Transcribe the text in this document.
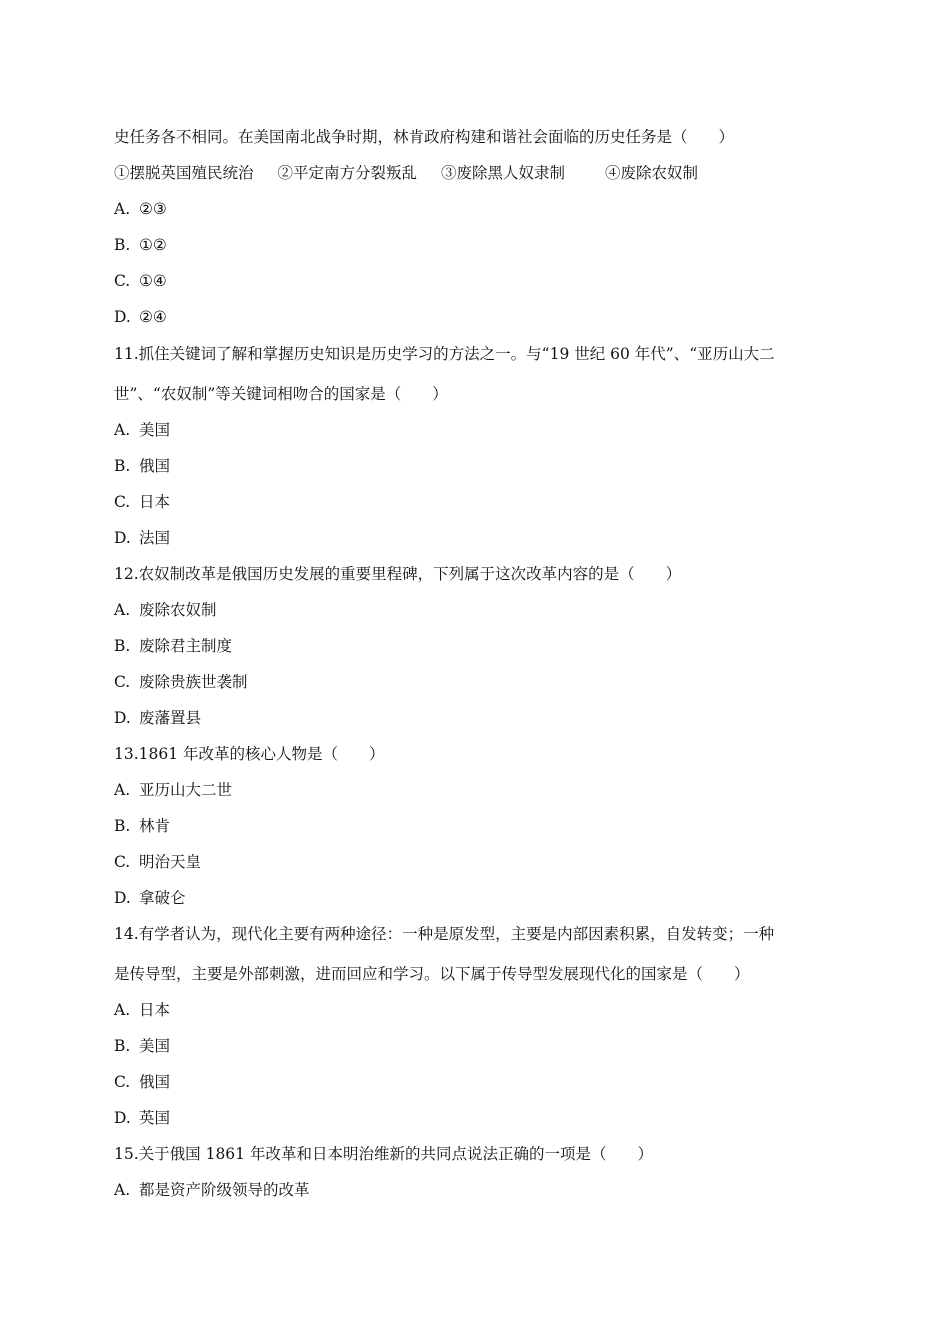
史任务各不相同。在美国南北战争时期，林肯政府构建和谐社会面临的历史任务是（　　）
①摆脱英国殖民统治 ②平定南方分裂叛乱 ③废除黑人奴隶制	④废除农奴制
A. ②③
B. ①②
C. ①④
D. ②④
11.抓住关键词了解和掌握历史知识是历史学习的方法之一。与“19 世纪 60 年代”、“亚历山大二
世”、“农奴制”等关键词相吻合的国家是（　　）
A. 美国
B. 俄国
C. 日本
D. 法国
12.农奴制改革是俄国历史发展的重要里程碑，下列属于这次改革内容的是（　　）
A. 废除农奴制
B. 废除君主制度
C. 废除贵族世袭制
D. 废藩置县
13.1861 年改革的核心人物是（　　）
A. 亚历山大二世
B. 林肯
C. 明治天皇
D. 拿破仑
14.有学者认为，现代化主要有两种途径：一种是原发型，主要是内部因素积累，自发转变；一种
是传导型，主要是外部刺激，进而回应和学习。以下属于传导型发展现代化的国家是（　　）
A. 日本
B. 美国
C. 俄国
D. 英国
15.关于俄国 1861 年改革和日本明治维新的共同点说法正确的一项是（　　）
A. 都是资产阶级领导的改革
